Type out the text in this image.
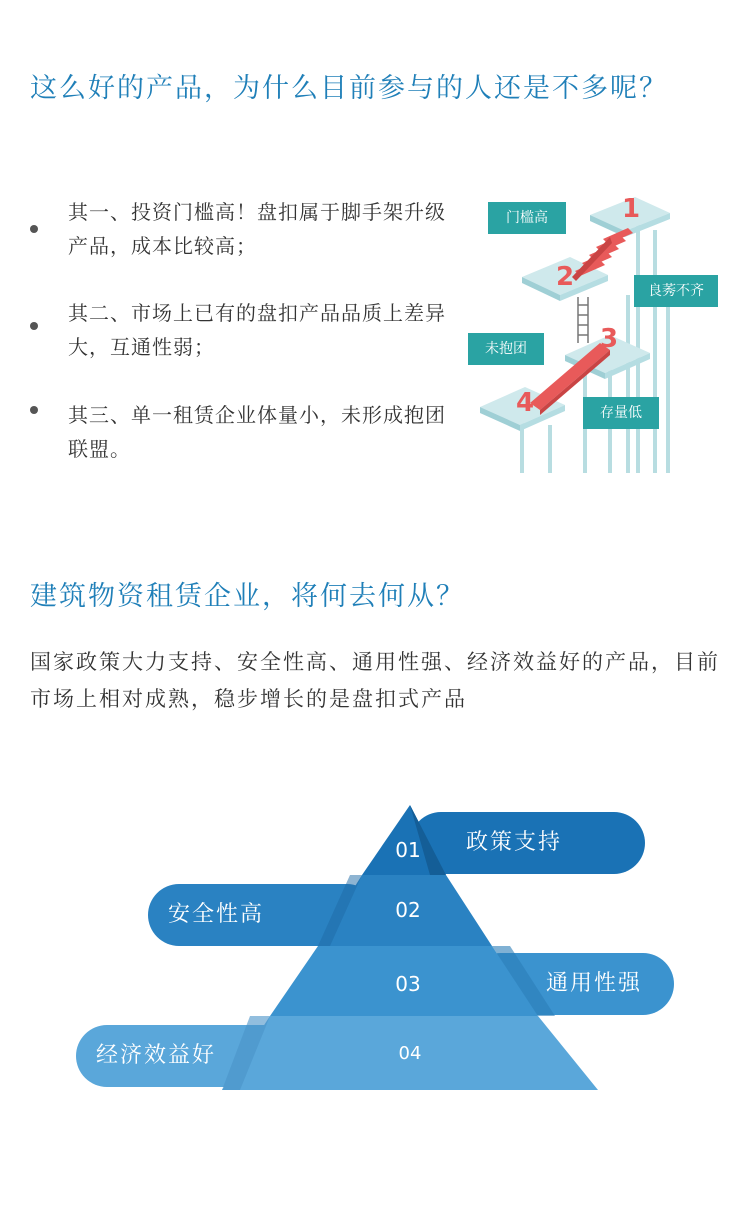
这么好的产品，为什么目前参与的人还是不多呢？
其一、投资门槛高！盘扣属于脚手架升级产品，成本比较高；
其二、市场上已有的盘扣产品品质上差异大，互通性弱；
其三、单一租赁企业体量小，未形成抱团联盟。
1
2
3
4
门槛高
良莠不齐
未抱团
存量低
建筑物资租赁企业，将何去何从？
国家政策大力支持、安全性高、通用性强、经济效益好的产品，目前市场上相对成熟，稳步增长的是盘扣式产品
政策支持
安全性高
通用性强
经济效益好
01
02
03
04
